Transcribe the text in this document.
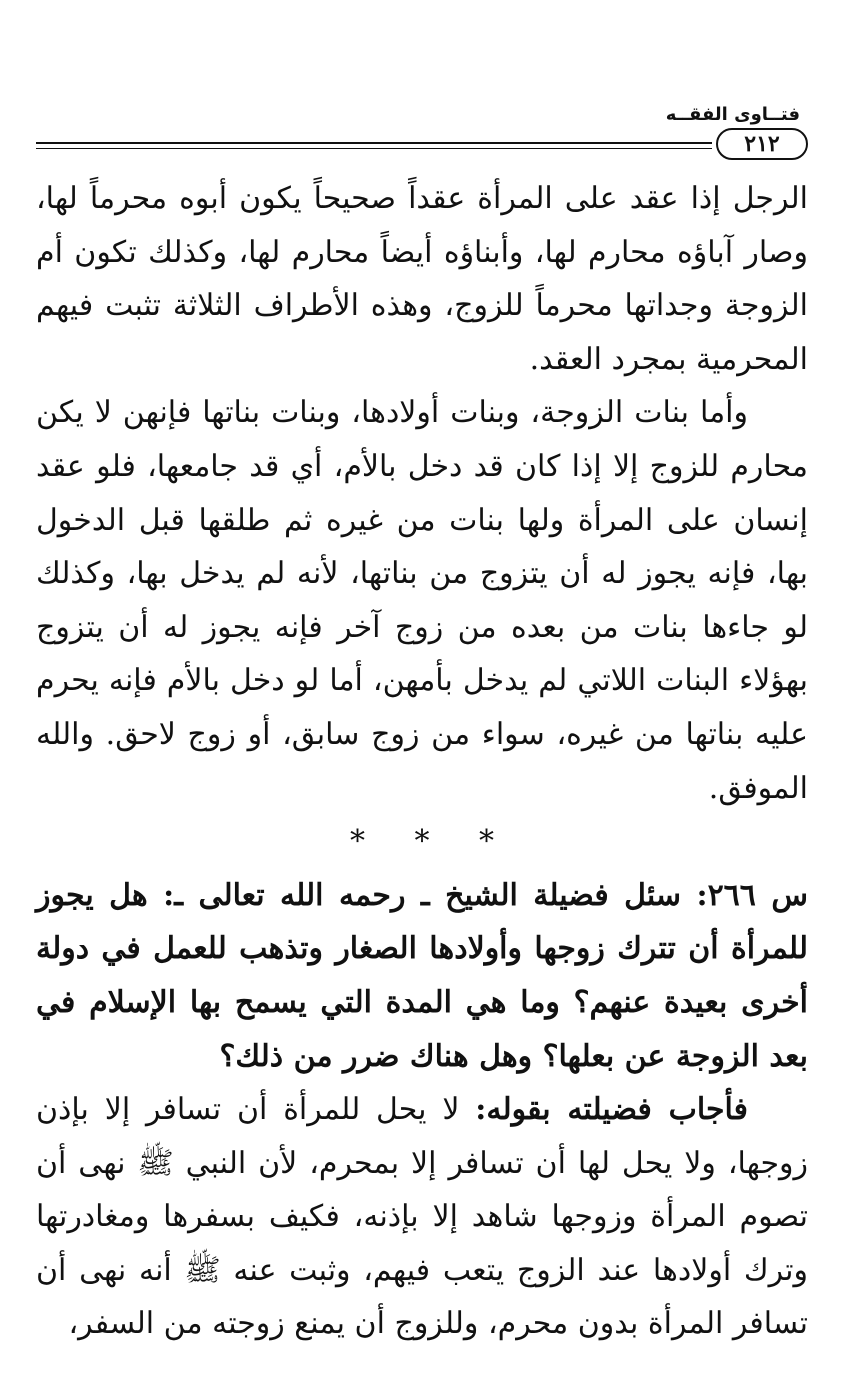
فتــاوى الفقــه
٢١٢

الرجل إذا عقد على المرأة عقداً صحيحاً يكون أبوه محرماً لها، وصار آباؤه محارم لها، وأبناؤه أيضاً محارم لها، وكذلك تكون أم الزوجة وجداتها محرماً للزوج، وهذه الأطراف الثلاثة تثبت فيهم المحرمية بمجرد العقد.

وأما بنات الزوجة، وبنات أولادها، وبنات بناتها فإنهن لا يكن محارم للزوج إلا إذا كان قد دخل بالأم، أي قد جامعها، فلو عقد إنسان على المرأة ولها بنات من غيره ثم طلقها قبل الدخول بها، فإنه يجوز له أن يتزوج من بناتها، لأنه لم يدخل بها، وكذلك لو جاءها بنات من بعده من زوج آخر فإنه يجوز له أن يتزوج بهؤلاء البنات اللاتي لم يدخل بأمهن، أما لو دخل بالأم فإنه يحرم عليه بناتها من غيره، سواء من زوج سابق، أو زوج لاحق. والله الموفق.

* * *

س ٢٦٦: سئل فضيلة الشيخ ـ رحمه الله تعالى ـ: هل يجوز للمرأة أن تترك زوجها وأولادها الصغار وتذهب للعمل في دولة أخرى بعيدة عنهم؟ وما هي المدة التي يسمح بها الإسلام في بعد الزوجة عن بعلها؟ وهل هناك ضرر من ذلك؟

فأجاب فضيلته بقوله: لا يحل للمرأة أن تسافر إلا بإذن زوجها، ولا يحل لها أن تسافر إلا بمحرم، لأن النبي ﷺ نهى أن تصوم المرأة وزوجها شاهد إلا بإذنه، فكيف بسفرها ومغادرتها وترك أولادها عند الزوج يتعب فيهم، وثبت عنه ﷺ أنه نهى أن تسافر المرأة بدون محرم، وللزوج أن يمنع زوجته من السفر،
